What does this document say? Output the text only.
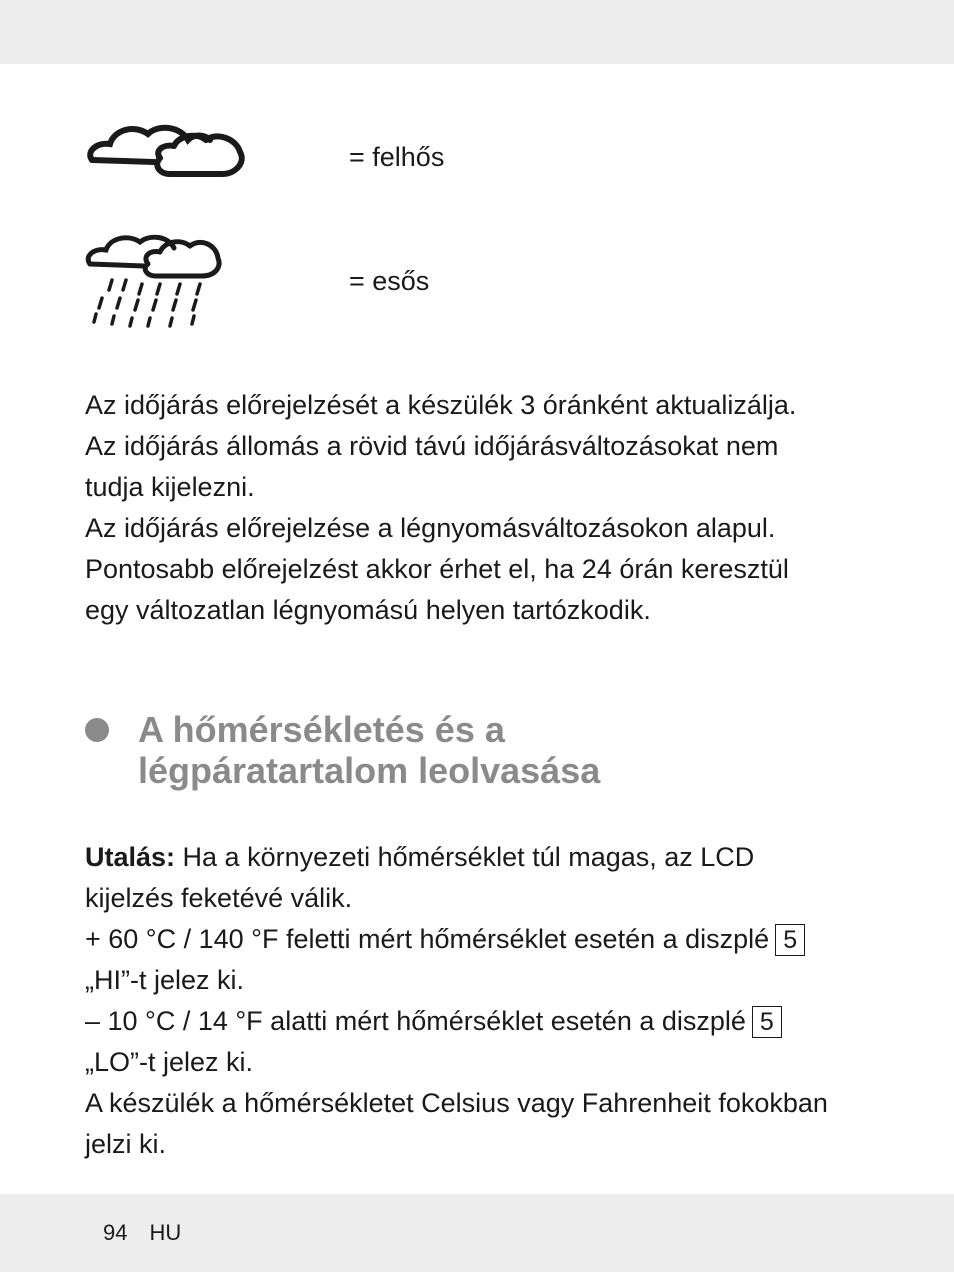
= felhős
= esős

Az időjárás előrejelzését a készülék 3 óránként aktualizálja.
Az időjárás állomás a rövid távú időjárásváltozásokat nem
tudja kijelezni.
Az időjárás előrejelzése a légnyomásváltozásokon alapul.
Pontosabb előrejelzést akkor érhet el, ha 24 órán keresztül
egy változatlan légnyomású helyen tartózkodik.

A hőmérsékletés és a
légpáratartalom leolvasása

Utalás: Ha a környezeti hőmérséklet túl magas, az LCD
kijelzés feketévé válik.
+ 60 °C / 140 °F feletti mért hőmérséklet esetén a diszplé 5
„HI”-t jelez ki.
– 10 °C / 14 °F alatti mért hőmérséklet esetén a diszplé 5
„LO”-t jelez ki.
A készülék a hőmérsékletet Celsius vagy Fahrenheit fokokban
jelzi ki.

94 HU
